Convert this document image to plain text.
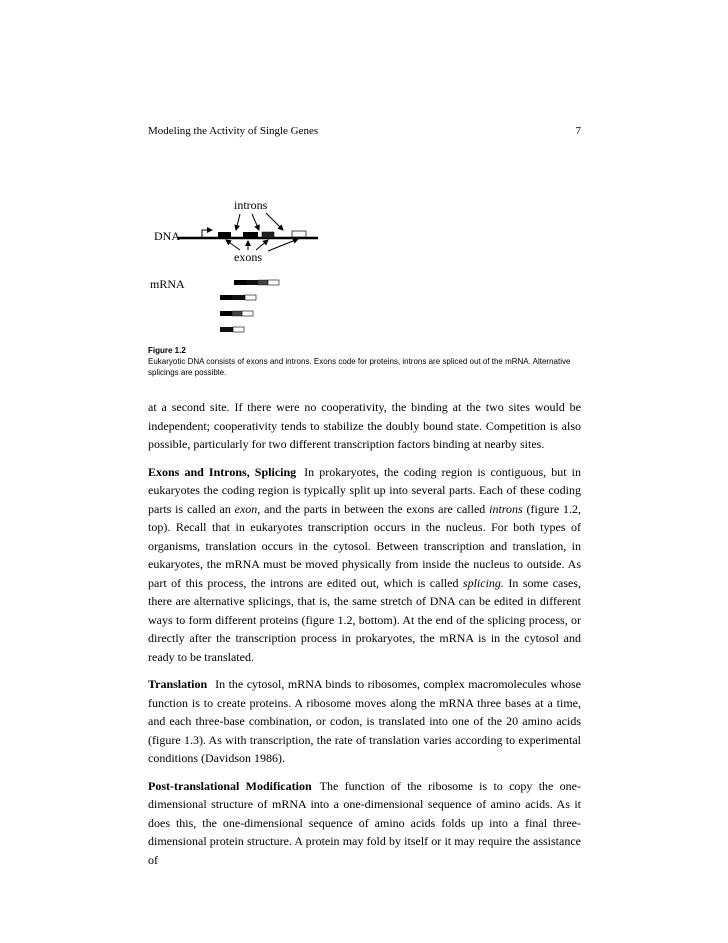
Modeling the Activity of Single Genes	7
introns
DNA
exons
mRNA
Figure 1.2
Eukaryotic DNA consists of exons and introns. Exons code for proteins, introns are spliced out of the mRNA. Alternative splicings are possible.

at a second site. If there were no cooperativity, the binding at the two sites would be independent; cooperativity tends to stabilize the doubly bound state. Competition is also possible, particularly for two different transcription factors binding at nearby sites.

Exons and Introns, Splicing In prokaryotes, the coding region is contiguous, but in eukaryotes the coding region is typically split up into several parts. Each of these coding parts is called an exon, and the parts in between the exons are called introns (figure 1.2, top). Recall that in eukaryotes transcription occurs in the nucleus. For both types of organisms, translation occurs in the cytosol. Between transcription and translation, in eukaryotes, the mRNA must be moved physically from inside the nucleus to outside. As part of this process, the introns are edited out, which is called splicing. In some cases, there are alternative splicings, that is, the same stretch of DNA can be edited in different ways to form different proteins (figure 1.2, bottom). At the end of the splicing process, or directly after the transcription process in prokaryotes, the mRNA is in the cytosol and ready to be translated.

Translation In the cytosol, mRNA binds to ribosomes, complex macromolecules whose function is to create proteins. A ribosome moves along the mRNA three bases at a time, and each three-base combination, or codon, is translated into one of the 20 amino acids (figure 1.3). As with transcription, the rate of translation varies according to experimental conditions (Davidson 1986).

Post-translational Modification The function of the ribosome is to copy the one-dimensional structure of mRNA into a one-dimensional sequence of amino acids. As it does this, the one-dimensional sequence of amino acids folds up into a final three-dimensional protein structure. A protein may fold by itself or it may require the assistance of
